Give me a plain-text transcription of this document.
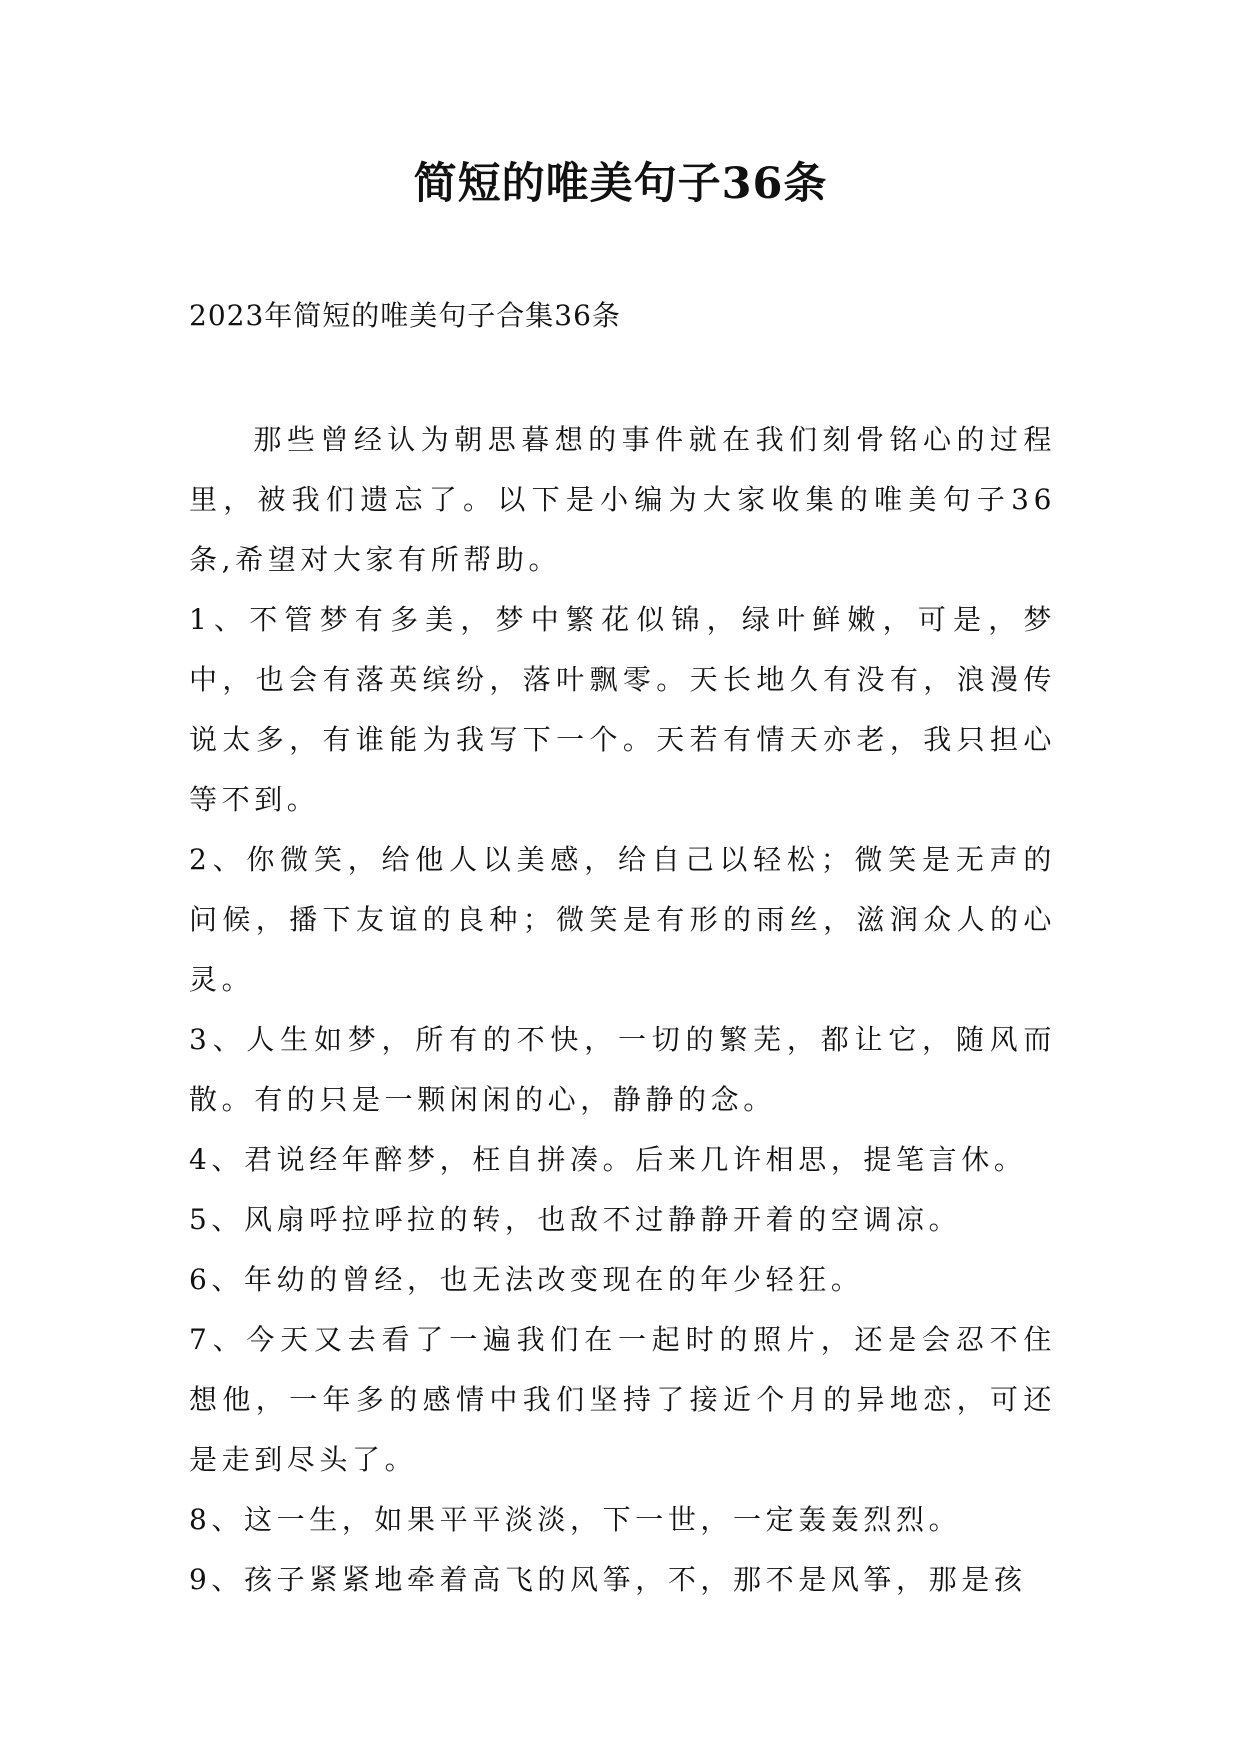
简短的唯美句子36条

2023年简短的唯美句子合集36条

那些曾经认为朝思暮想的事件就在我们刻骨铭心的过程里，被我们遗忘了。以下是小编为大家收集的唯美句子36条,希望对大家有所帮助。

1、不管梦有多美，梦中繁花似锦，绿叶鲜嫩，可是，梦中，也会有落英缤纷，落叶飘零。天长地久有没有，浪漫传说太多，有谁能为我写下一个。天若有情天亦老，我只担心等不到。

2、你微笑，给他人以美感，给自己以轻松；微笑是无声的问候，播下友谊的良种；微笑是有形的雨丝，滋润众人的心灵。

3、人生如梦，所有的不快，一切的繁芜，都让它，随风而散。有的只是一颗闲闲的心，静静的念。

4、君说经年醉梦，枉自拼凑。后来几许相思，提笔言休。

5、风扇呼拉呼拉的转，也敌不过静静开着的空调凉。

6、年幼的曾经，也无法改变现在的年少轻狂。

7、今天又去看了一遍我们在一起时的照片，还是会忍不住想他，一年多的感情中我们坚持了接近个月的异地恋，可还是走到尽头了。

8、这一生，如果平平淡淡，下一世，一定轰轰烈烈。

9、孩子紧紧地牵着高飞的风筝，不，那不是风筝，那是孩
